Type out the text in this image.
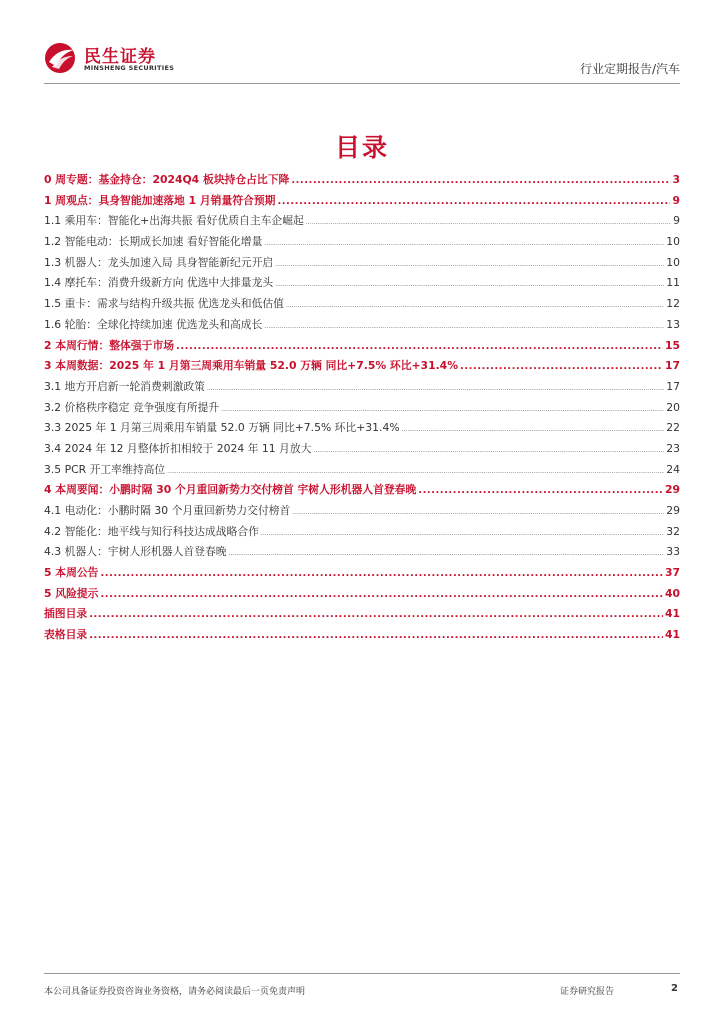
民生证券
MINSHENG SECURITIES	行业定期报告/汽车
目录
0 周专题：基金持仓：2024Q4 板块持仓占比下降 .....	3
1 周观点：具身智能加速落地 1 月销量符合预期 .....	9
1.1 乘用车：智能化+出海共振 看好优质自主车企崛起 .....	9
1.2 智能电动：长期成长加速 看好智能化增量 .....	10
1.3 机器人：龙头加速入局 具身智能新纪元开启 .....	10
1.4 摩托车：消费升级新方向 优选中大排量龙头 .....	11
1.5 重卡：需求与结构升级共振 优选龙头和低估值 .....	12
1.6 轮胎：全球化持续加速 优选龙头和高成长 .....	13
2 本周行情：整体强于市场 .....	15
3 本周数据：2025 年 1 月第三周乘用车销量 52.0 万辆 同比+7.5% 环比+31.4% .....	17
3.1 地方开启新一轮消费刺激政策 .....	17
3.2 价格秩序稳定 竞争强度有所提升 .....	20
3.3 2025 年 1 月第三周乘用车销量 52.0 万辆 同比+7.5% 环比+31.4% .....	22
3.4 2024 年 12 月整体折扣相较于 2024 年 11 月放大 .....	23
3.5 PCR 开工率维持高位 .....	24
4 本周要闻：小鹏时隔 30 个月重回新势力交付榜首 宇树人形机器人首登春晚 .....	29
4.1 电动化：小鹏时隔 30 个月重回新势力交付榜首 .....	29
4.2 智能化：地平线与知行科技达成战略合作 .....	32
4.3 机器人：宇树人形机器人首登春晚 .....	33
5 本周公告 .....	37
5 风险提示 .....	40
插图目录 .....	41
表格目录 .....	41
本公司具备证券投资咨询业务资格，请务必阅读最后一页免责声明	证券研究报告	2
